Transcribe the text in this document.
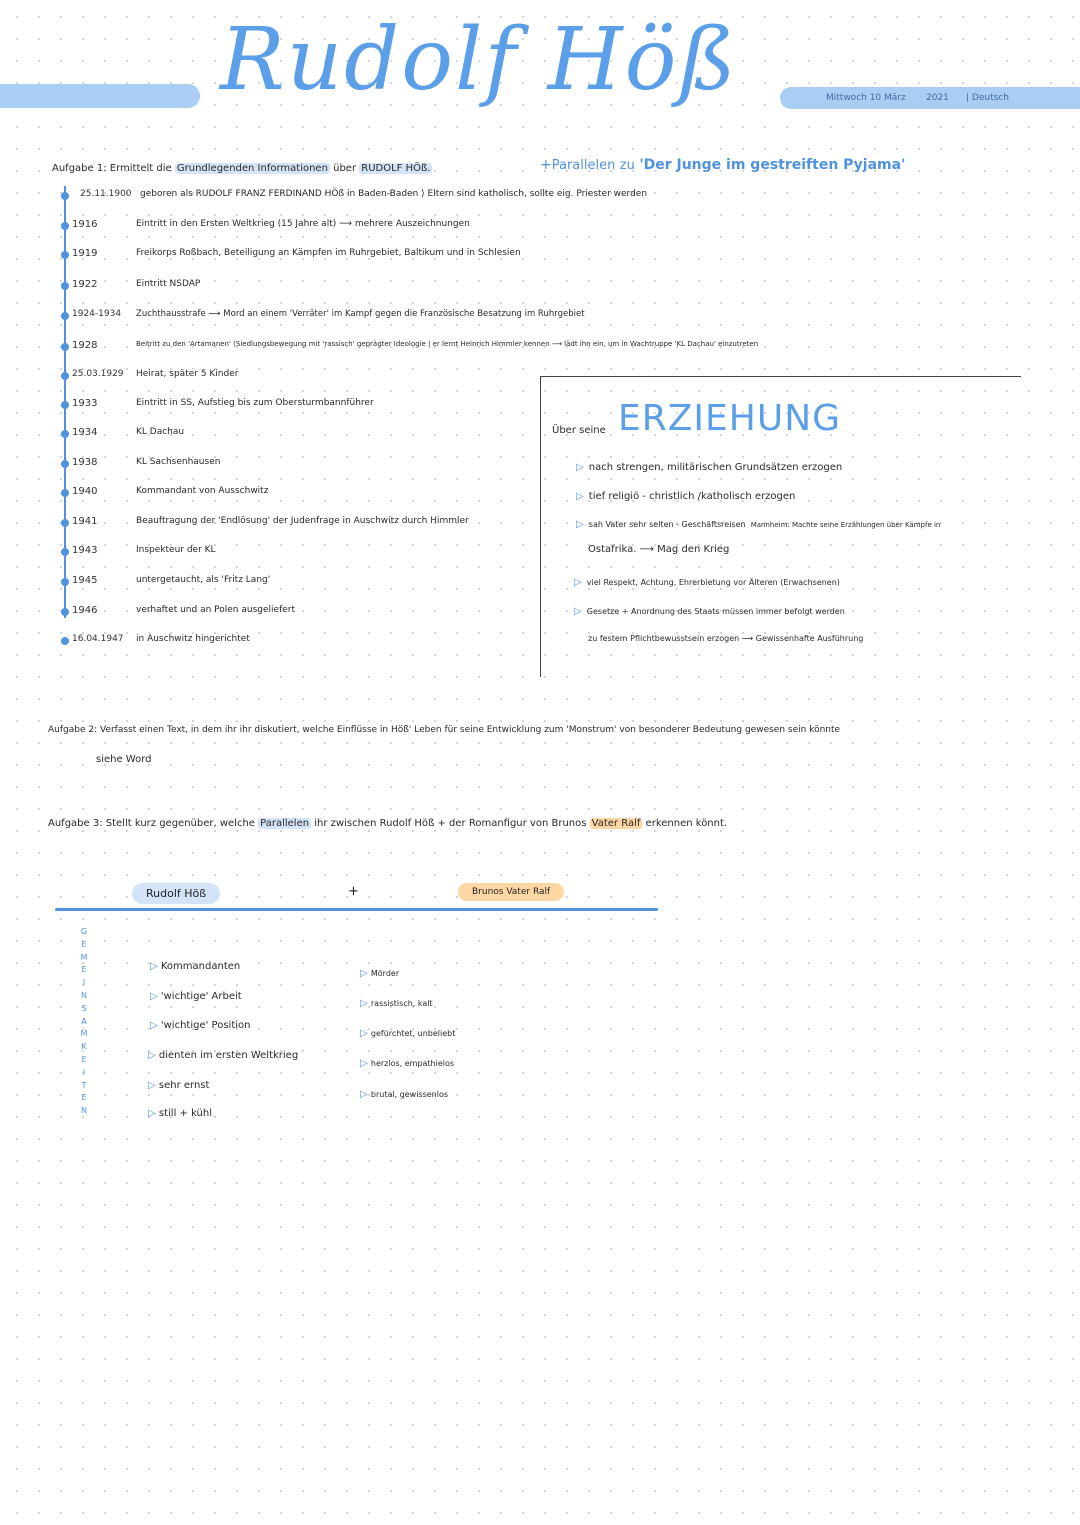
Rudolf Höß	Mittwoch 10 März 2021 | Deutsch
Aufgabe 1: Ermittelt die Grundlegenden Informationen über RUDOLF HÖß.	+Parallelen zu 'Der Junge im gestreiften Pyjama'
25.11.1900 geboren als RUDOLF FRANZ FERDINAND HÖß in Baden-Baden ⟩ Eltern sind katholisch, sollte eig. Priester werden
1916	Eintritt in den Ersten Weltkrieg (15 Jahre alt) ⟶ mehrere Auszeichnungen
1919	Freikorps Roßbach, Beteiligung an Kämpfen im Ruhrgebiet, Baltikum und in Schlesien
1922	Eintritt NSDAP
1924-1934 Zuchthausstrafe ⟶ Mord an einem 'Verräter' im Kampf gegen die Französische Besatzung im Ruhrgebiet
1928	Beitritt zu den 'Artamanen' (Siedlungsbewegung mit 'rassisch' geprägter Ideologie | er lernt Heinrich Himmler kennen ⟶ lädt ihn ein, um in Wachtruppe 'KL Dachau' einzutreten
25.03.1929 Heirat, später 5 Kinder
1933	Eintritt in SS, Aufstieg bis zum Obersturmbannführer
1934	KL Dachau
1938	KL Sachsenhausen
1940	Kommandant von Ausschwitz
1941	Beauftragung der 'Endlösung' der Judenfrage in Auschwitz durch Himmler
1943	Inspekteur der KL
1945	untergetaucht, als 'Fritz Lang'
1946	verhaftet und an Polen ausgeliefert
16.04.1947 in Auschwitz hingerichtet
Über seine ERZIEHUNG
▷ nach strengen, militärischen Grundsätzen erzogen
▷ tief religiö - christlich /katholisch erzogen
▷ sah Vater sehr selten - Geschäftsreisen Mannheim: Machte seine Erzählungen über Kämpfe in
Ostafrika. ⟶ Mag den Krieg
▷ viel Respekt, Achtung, Ehrerbietung vor Älteren (Erwachsenen)
▷ Gesetze + Anordnung des Staats müssen immer befolgt werden
zu festem Pflichtbewusstsein erzogen ⟶ Gewissenhafte Ausführung
Aufgabe 2: Verfasst einen Text, in dem ihr ihr diskutiert, welche Einflüsse in Höß' Leben für seine Entwicklung zum 'Monstrum' von besonderer Bedeutung gewesen sein könnte
siehe Word
Aufgabe 3: Stellt kurz gegenüber, welche Parallelen ihr zwischen Rudolf Höß + der Romanfigur von Brunos Vater Ralf erkennen könnt.
Rudolf Höß	+	Brunos Vater Ralf
G
E
M
E
I
N
S
A
M
K
E
I
T
E
N
▷ Kommandanten
▷ 'wichtige' Arbeit
▷ 'wichtige' Position
▷ dienten im ersten Weltkrieg
▷ sehr ernst
▷ still + kühl
▷ Mörder
▷ rassistisch, kalt
▷ gefürchtet, unbeliebt
▷ herzlos, empathielos
▷ brutal, gewissenlos
